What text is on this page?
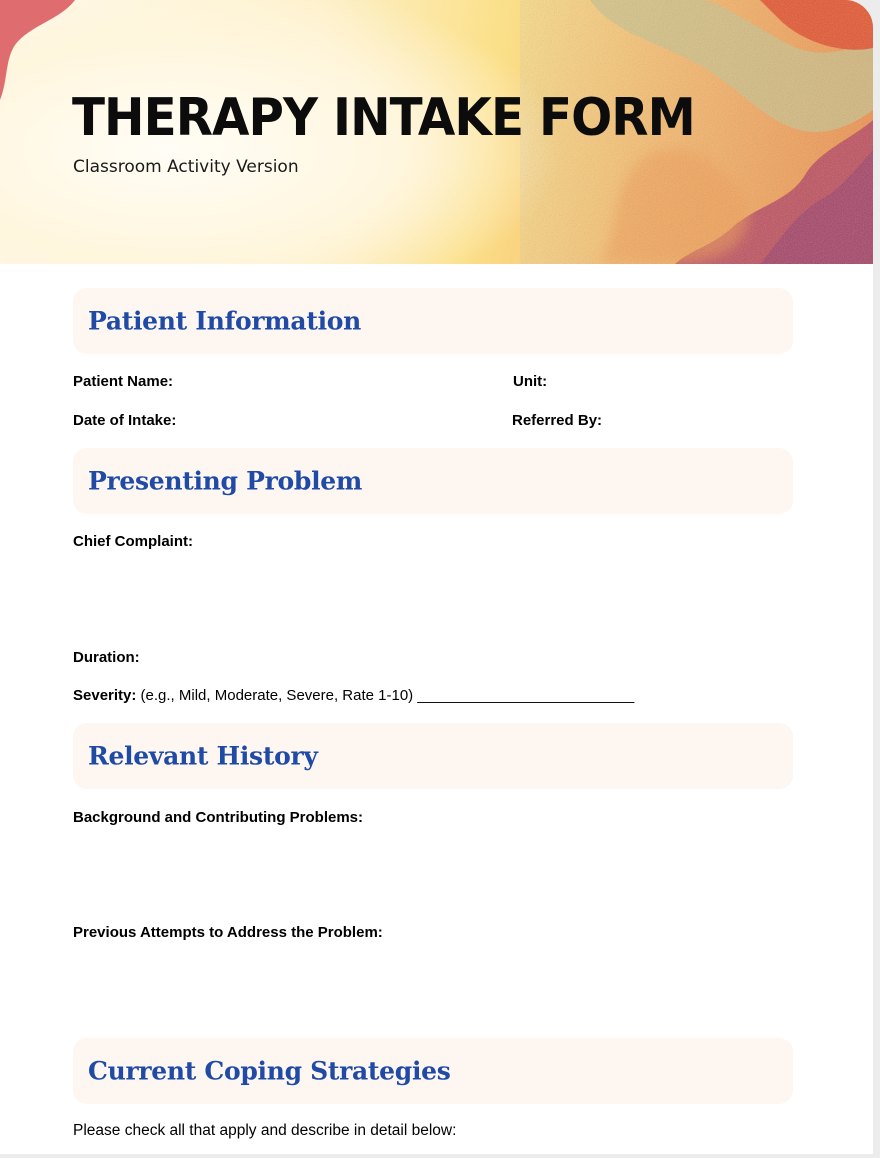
THERAPY INTAKE FORM
Classroom Activity Version
Patient Information
Patient Name:	Unit:
Date of Intake:	Referred By:
Presenting Problem
Chief Complaint:
Duration:
Severity: (e.g., Mild, Moderate, Severe, Rate 1-10) __________________________
Relevant History
Background and Contributing Problems:
Previous Attempts to Address the Problem:
Current Coping Strategies
Please check all that apply and describe in detail below:
